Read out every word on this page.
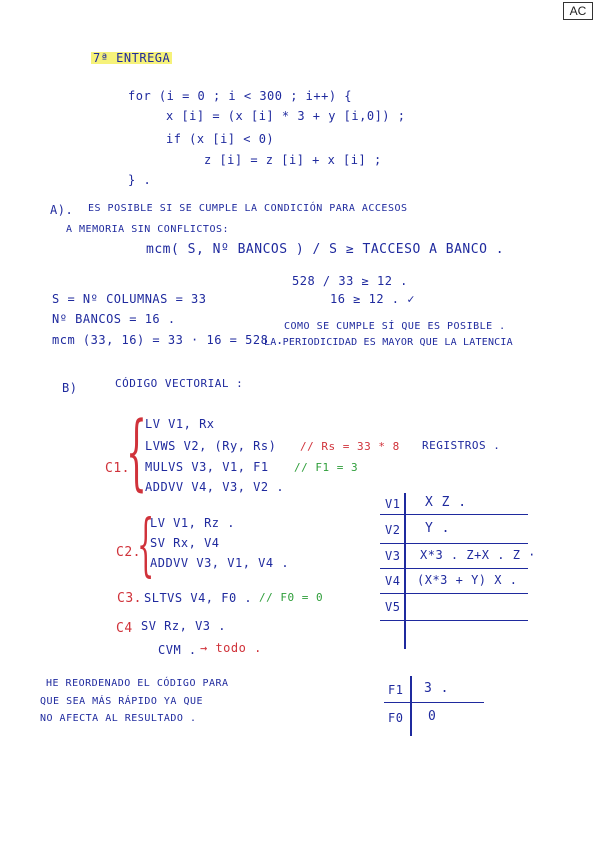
AC
7ª ENTREGA
for (i = 0 ; i < 300 ; i++) {
x [i] = (x [i] * 3 + y [i,0]) ;
if (x [i] < 0)
z [i] = z [i] + x [i] ;
} .
A). ES POSIBLE SI SE CUMPLE LA CONDICIÓN PARA ACCESOS
A MEMORIA SIN CONFLICTOS:
mcm( S, Nº BANCOS ) / S ≥ TACCESO A BANCO .
528 / 33 ≥ 12 .
S = Nº COLUMNAS = 33	16 ≥ 12 . ✓
Nº BANCOS = 16 .
mcm (33, 16) = 33 · 16 = 528 .
COMO SE CUMPLE SÍ QUE ES POSIBLE .
LA PERIODICIDAD ES MAYOR QUE LA LATENCIA
B)	CÓDIGO VECTORIAL :
C1.
{
LV V1, Rx
LVWS V2, (Ry, Rs) // Rs = 33 * 8 REGISTROS .
MULVS V3, V1, F1 // F1 = 3
ADDVV V4, V3, V2 .
C2.
{
LV V1, Rz .
SV Rx, V4
ADDVV V3, V1, V4 .
C3. SLTVS V4, F0 . // F0 = 0
C4 SV Rz, V3 .
CVM . → todo .
V1 X Z .
V2 Y .
V3 X*3 . Z+X . Z ·
V4 (X*3 + Y) X .
V5
F1 3 .
F0 0
HE REORDENADO EL CÓDIGO PARA
QUE SEA MÁS RÁPIDO YA QUE
NO AFECTA AL RESULTADO .
